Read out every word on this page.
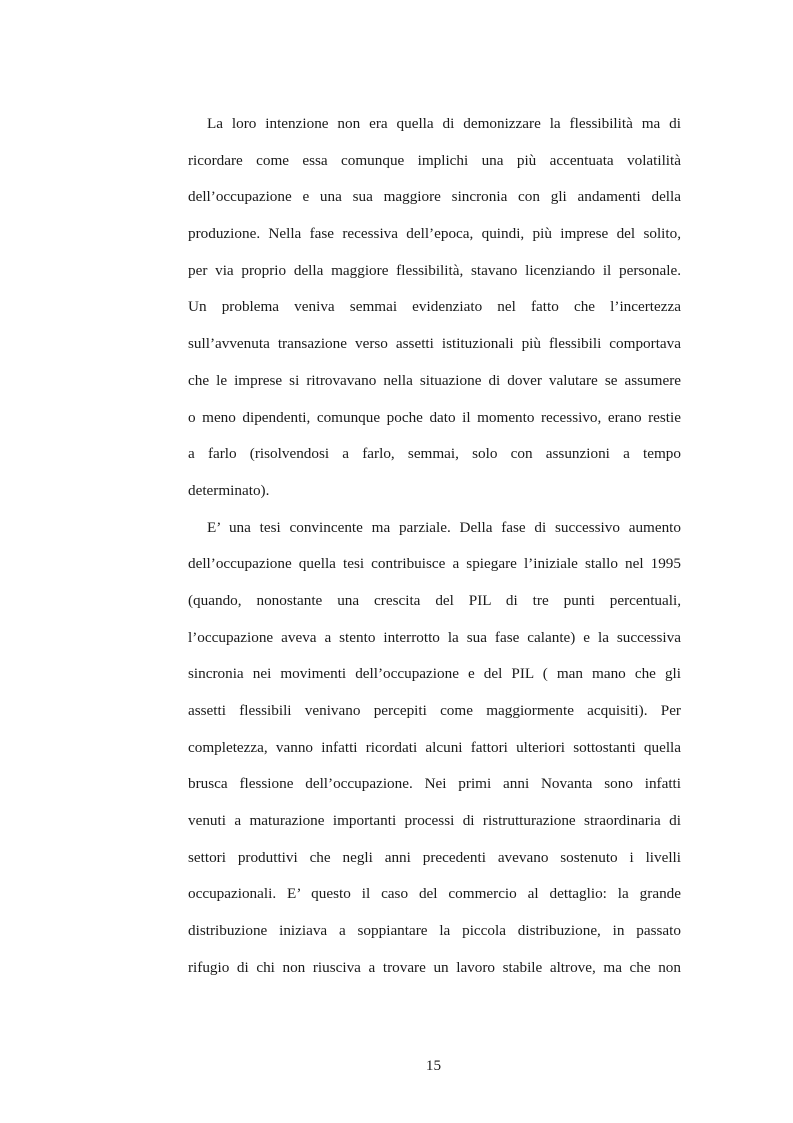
La loro intenzione non era quella di demonizzare la flessibilità ma di
ricordare come essa comunque implichi una più accentuata volatilità
dell’occupazione e una sua maggiore sincronia con gli andamenti della
produzione. Nella fase recessiva dell’epoca, quindi, più imprese del solito,
per via proprio della maggiore flessibilità, stavano licenziando il personale.
Un problema veniva semmai evidenziato nel fatto che l’incertezza
sull’avvenuta transazione verso assetti istituzionali più flessibili comportava
che le imprese si ritrovavano nella situazione di dover valutare se assumere
o meno dipendenti, comunque poche dato il momento recessivo, erano restie
a farlo (risolvendosi a farlo, semmai, solo con assunzioni a tempo
determinato).
E’ una tesi convincente ma parziale. Della fase di successivo aumento
dell’occupazione quella tesi contribuisce a spiegare l’iniziale stallo nel 1995
(quando, nonostante una crescita del PIL di tre punti percentuali,
l’occupazione aveva a stento interrotto la sua fase calante) e la successiva
sincronia nei movimenti dell’occupazione e del PIL ( man mano che gli
assetti flessibili venivano percepiti come maggiormente acquisiti). Per
completezza, vanno infatti ricordati alcuni fattori ulteriori sottostanti quella
brusca flessione dell’occupazione. Nei primi anni Novanta sono infatti
venuti a maturazione importanti processi di ristrutturazione straordinaria di
settori produttivi che negli anni precedenti avevano sostenuto i livelli
occupazionali. E’ questo il caso del commercio al dettaglio: la grande
distribuzione iniziava a soppiantare la piccola distribuzione, in passato
rifugio di chi non riusciva a trovare un lavoro stabile altrove, ma che non
15
